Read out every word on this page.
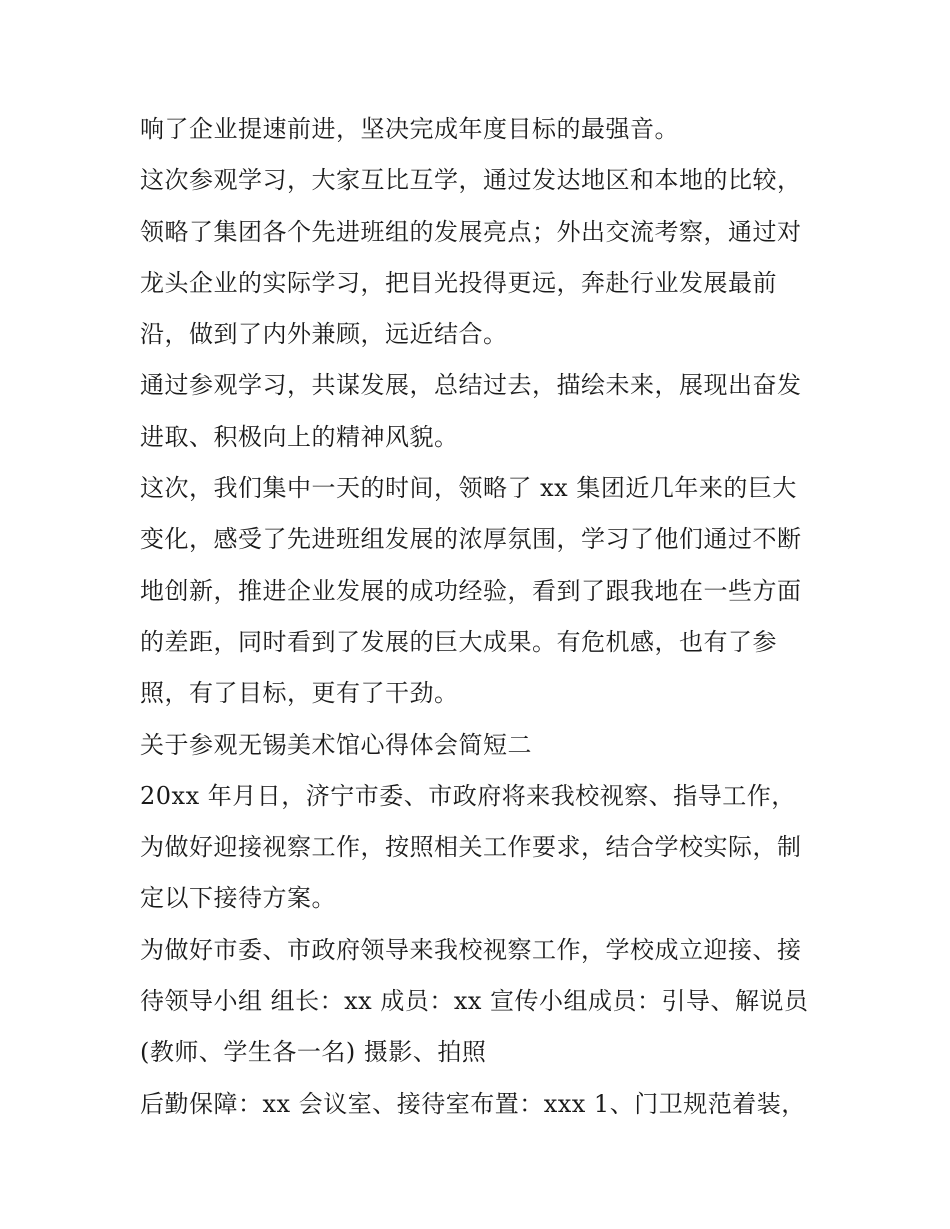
响了企业提速前进，坚决完成年度目标的最强音。
这次参观学习，大家互比互学，通过发达地区和本地的比较，
领略了集团各个先进班组的发展亮点；外出交流考察，通过对
龙头企业的实际学习，把目光投得更远，奔赴行业发展最前
沿，做到了内外兼顾，远近结合。
通过参观学习，共谋发展，总结过去，描绘未来，展现出奋发
进取、积极向上的精神风貌。
这次，我们集中一天的时间，领略了 xx 集团近几年来的巨大
变化，感受了先进班组发展的浓厚氛围，学习了他们通过不断
地创新，推进企业发展的成功经验，看到了跟我地在一些方面
的差距，同时看到了发展的巨大成果。有危机感，也有了参
照，有了目标，更有了干劲。
关于参观无锡美术馆心得体会简短二
20xx 年月日，济宁市委、市政府将来我校视察、指导工作，
为做好迎接视察工作，按照相关工作要求，结合学校实际，制
定以下接待方案。
为做好市委、市政府领导来我校视察工作，学校成立迎接、接
待领导小组 组长：xx 成员：xx 宣传小组成员：引导、解说员
(教师、学生各一名) 摄影、拍照
后勤保障：xx 会议室、接待室布置：xxx 1、门卫规范着装，
